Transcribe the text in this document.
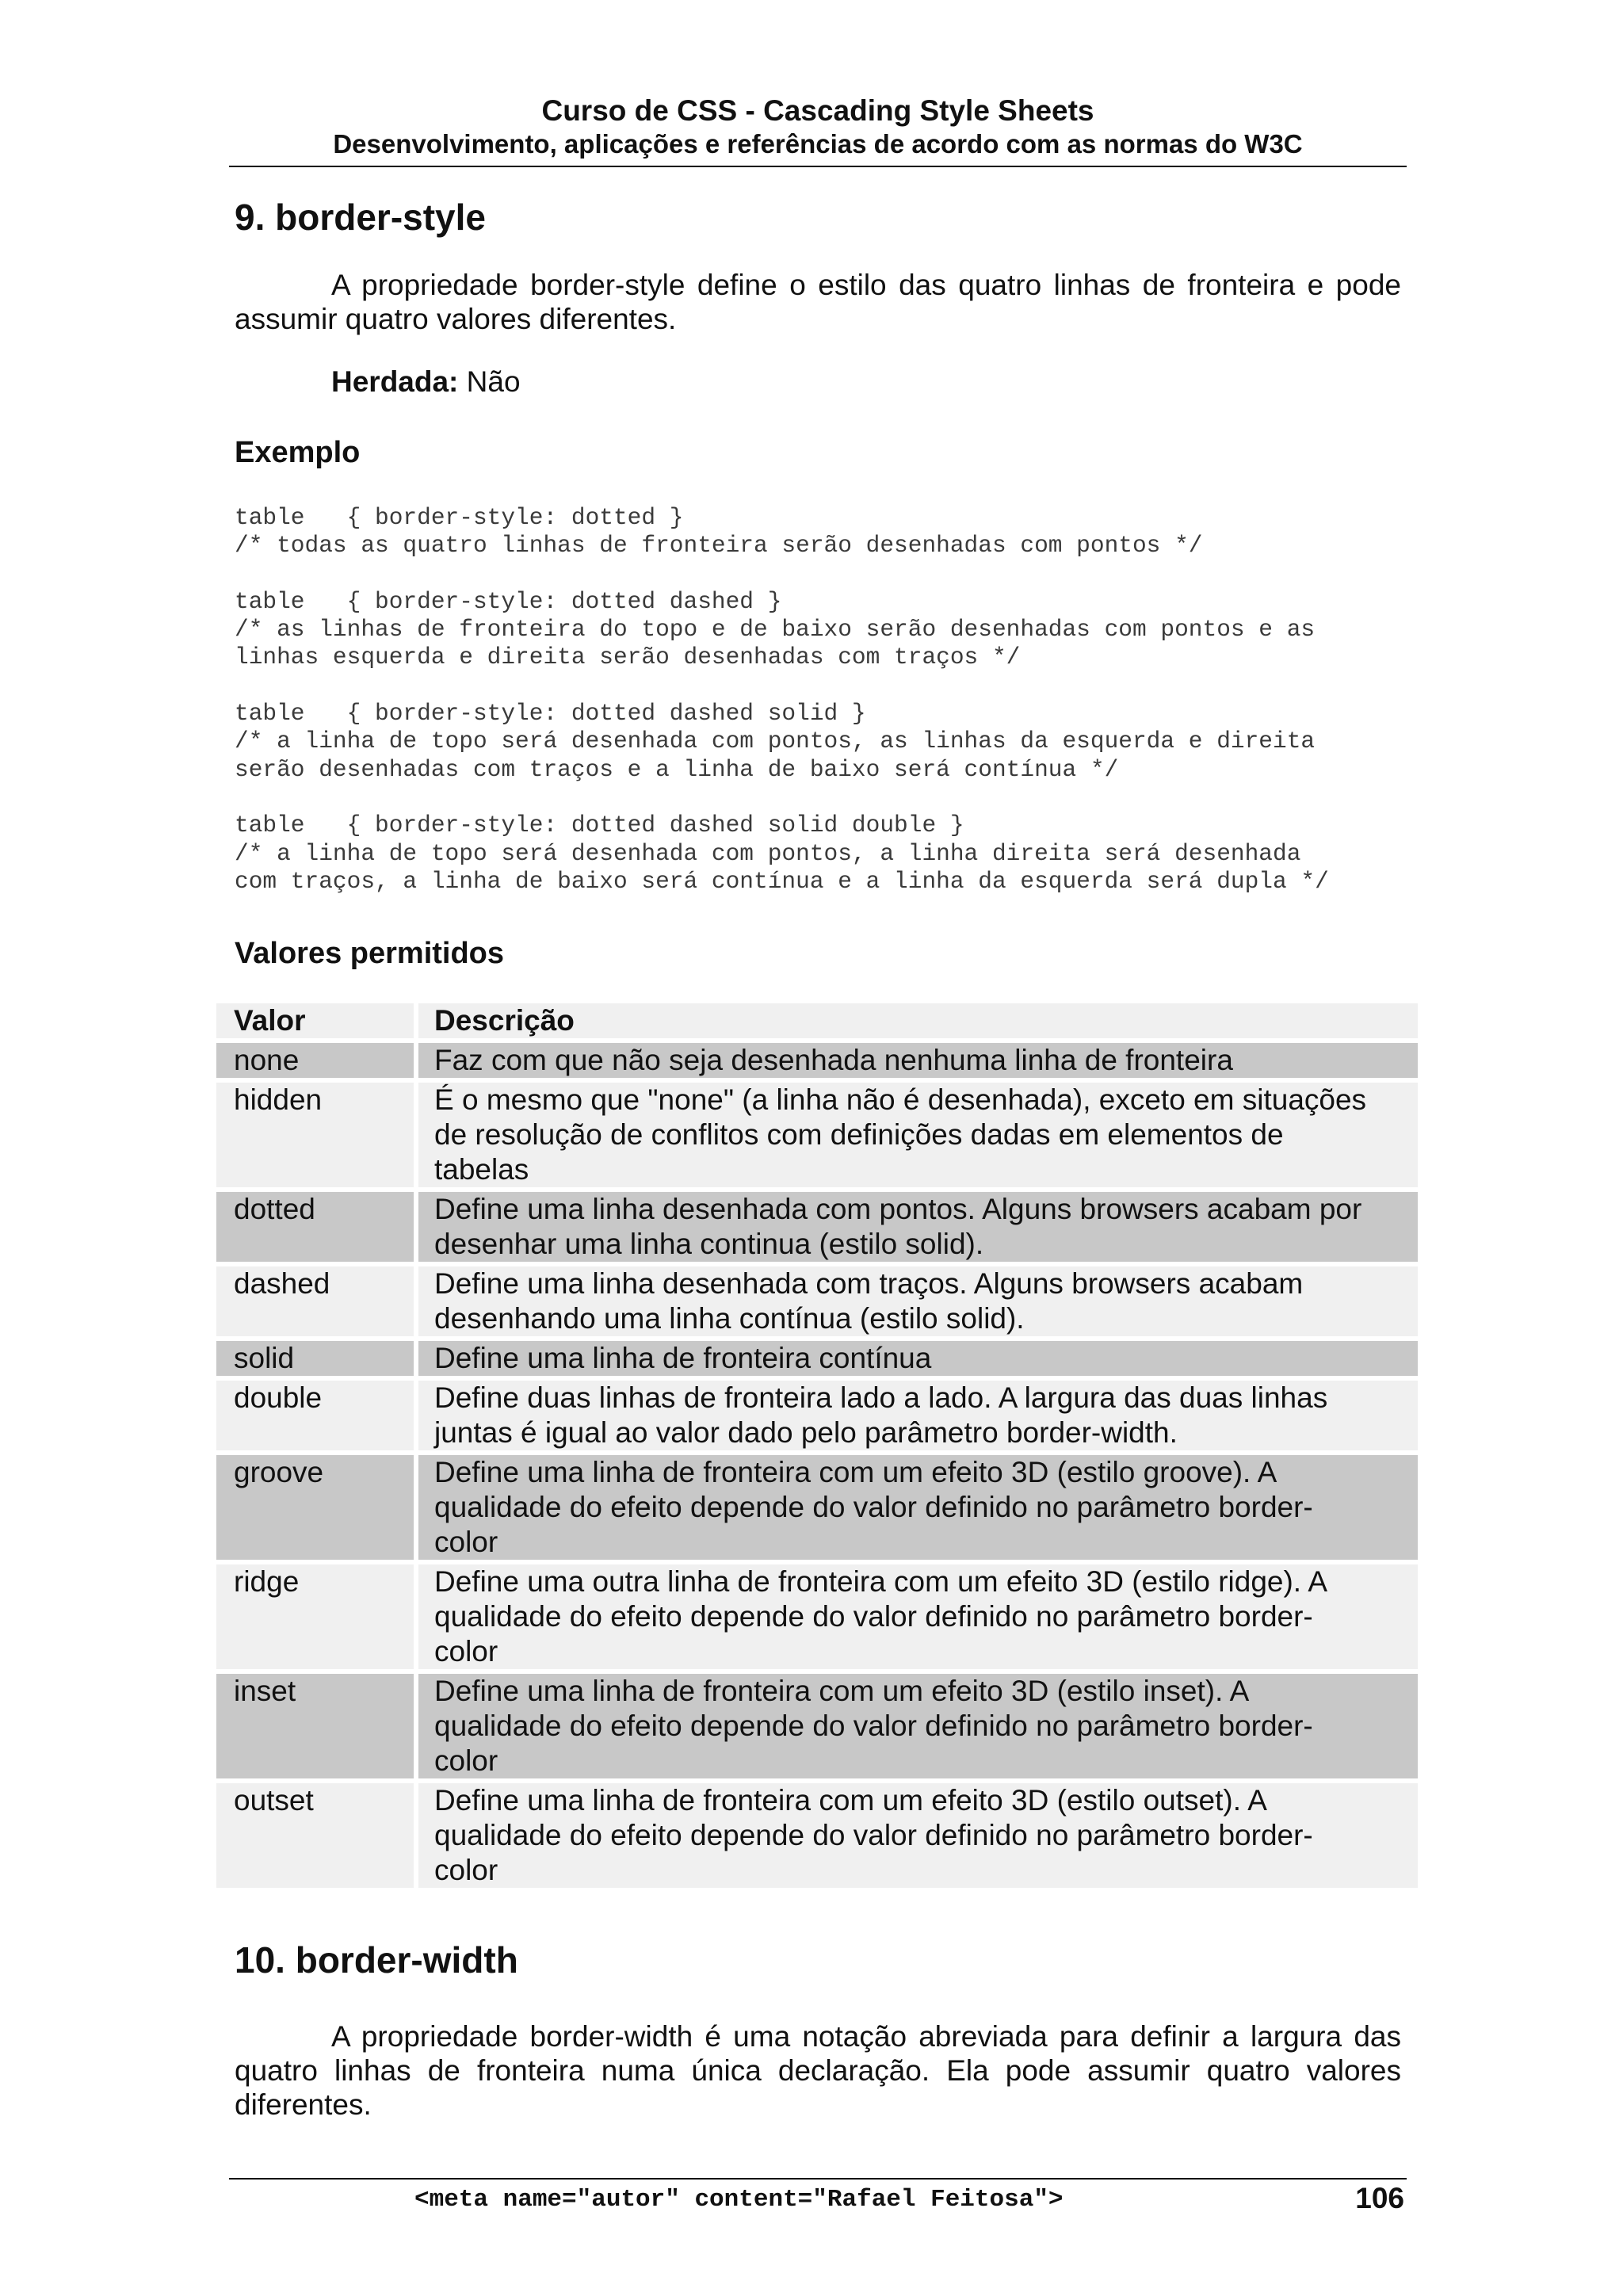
Curso de CSS - Cascading Style Sheets
Desenvolvimento, aplicações e referências de acordo com as normas do W3C
9. border-style

A propriedade border-style define o estilo das quatro linhas de fronteira e pode assumir quatro valores diferentes.

Herdada: Não
Exemplo
table   { border-style: dotted }
/* todas as quatro linhas de fronteira serão desenhadas com pontos */
table   { border-style: dotted dashed }
/* as linhas de fronteira do topo e de baixo serão desenhadas com pontos e as
linhas esquerda e direita serão desenhadas com traços */
table   { border-style: dotted dashed solid }
/* a linha de topo será desenhada com pontos, as linhas da esquerda e direita
serão desenhadas com traços e a linha de baixo será contínua */
table   { border-style: dotted dashed solid double }
/* a linha de topo será desenhada com pontos, a linha direita será desenhada
com traços, a linha de baixo será contínua e a linha da esquerda será dupla */
Valores permitidos
Valor	Descrição
none	Faz com que não seja desenhada nenhuma linha de fronteira
hidden	É o mesmo que "none" (a linha não é desenhada), exceto em situações
de resolução de conflitos com definições dadas em elementos de
tabelas
dotted	Define uma linha desenhada com pontos. Alguns browsers acabam por
desenhar uma linha continua (estilo solid).
dashed	Define uma linha desenhada com traços. Alguns browsers acabam
desenhando uma linha contínua (estilo solid).
solid	Define uma linha de fronteira contínua
double	Define duas linhas de fronteira lado a lado. A largura das duas linhas
juntas é igual ao valor dado pelo parâmetro border-width.
groove	Define uma linha de fronteira com um efeito 3D (estilo groove). A
qualidade do efeito depende do valor definido no parâmetro border-
color
ridge	Define uma outra linha de fronteira com um efeito 3D (estilo ridge). A
qualidade do efeito depende do valor definido no parâmetro border-
color
inset	Define uma linha de fronteira com um efeito 3D (estilo inset). A
qualidade do efeito depende do valor definido no parâmetro border-
color
outset	Define uma linha de fronteira com um efeito 3D (estilo outset). A
qualidade do efeito depende do valor definido no parâmetro border-
color
10. border-width

A propriedade border-width é uma notação abreviada para definir a largura das quatro linhas de fronteira numa única declaração. Ela pode assumir quatro valores diferentes.

<meta name="autor" content="Rafael Feitosa">	106
